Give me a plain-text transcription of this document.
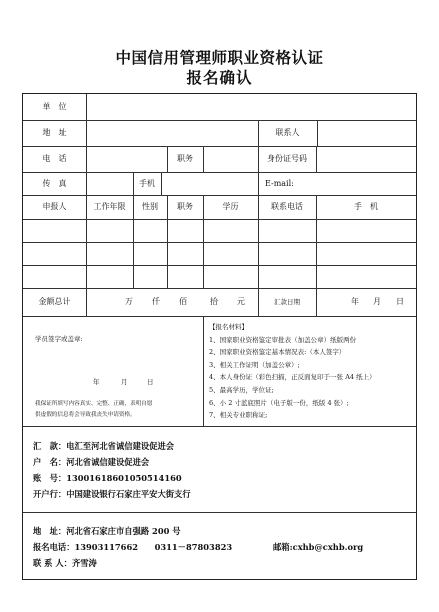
中国信用管理师职业资格认证
报名确认
单　位
地　址	联系人
电　话	职务	身份证号码
传　真	手机	E-mail:
申报人	工作年限	性别	职务	学历	联系电话	手　机
金额总计	万 仟 佰	拾 元	汇款日期	年 月 日
学员签字或盖章:
年	月	日
我保证所填写内容真实、完整、正确，表明自愿
供虚假的信息将会导致我丧失申请资格。
【报名材料】
1、国家职业资格鉴定审批表（加盖公章）纸版两份
2、国家职业资格鉴定基本情况表:（本人签字）
3、相关工作证明（加盖公章）;
4、本人身份证（彩色扫描，正反面复印于一张 A4 纸上）
5、最高学历，学位证;
6、小 2 寸蓝底照片（电子版一份，纸版 4 张）;
7、相关专业职称证;
汇　款：电汇至河北省诚信建设促进会
户　名：河北省诚信建设促进会
账　号：13001618601050514160
开户行：中国建设银行石家庄平安大街支行
地　址：河北省石家庄市自强路 200 号
报名电话：13903117662　　0311－87803823	邮箱:cxhb@cxhb.org
联 系 人：齐雪涛
